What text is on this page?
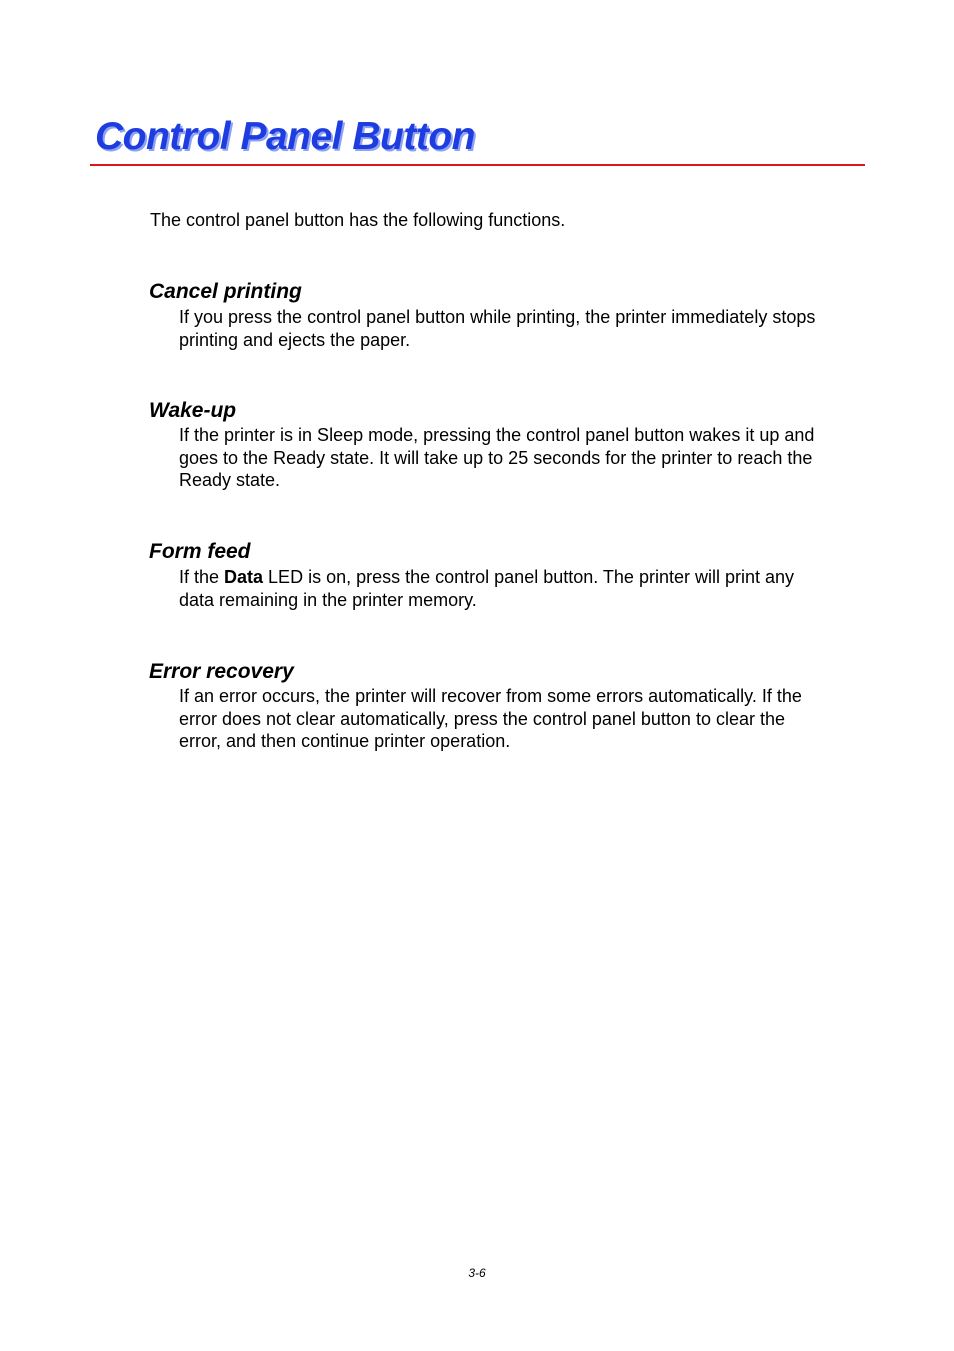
Control Panel Button

The control panel button has the following functions.

Cancel printing

If you press the control panel button while printing, the printer immediately stops
printing and ejects the paper.

Wake-up

If the printer is in Sleep mode, pressing the control panel button wakes it up and
goes to the Ready state. It will take up to 25 seconds for the printer to reach the
Ready state.

Form feed

If the Data LED is on, press the control panel button. The printer will print any
data remaining in the printer memory.

Error recovery

If an error occurs, the printer will recover from some errors automatically. If the
error does not clear automatically, press the control panel button to clear the
error, and then continue printer operation.

3-6
